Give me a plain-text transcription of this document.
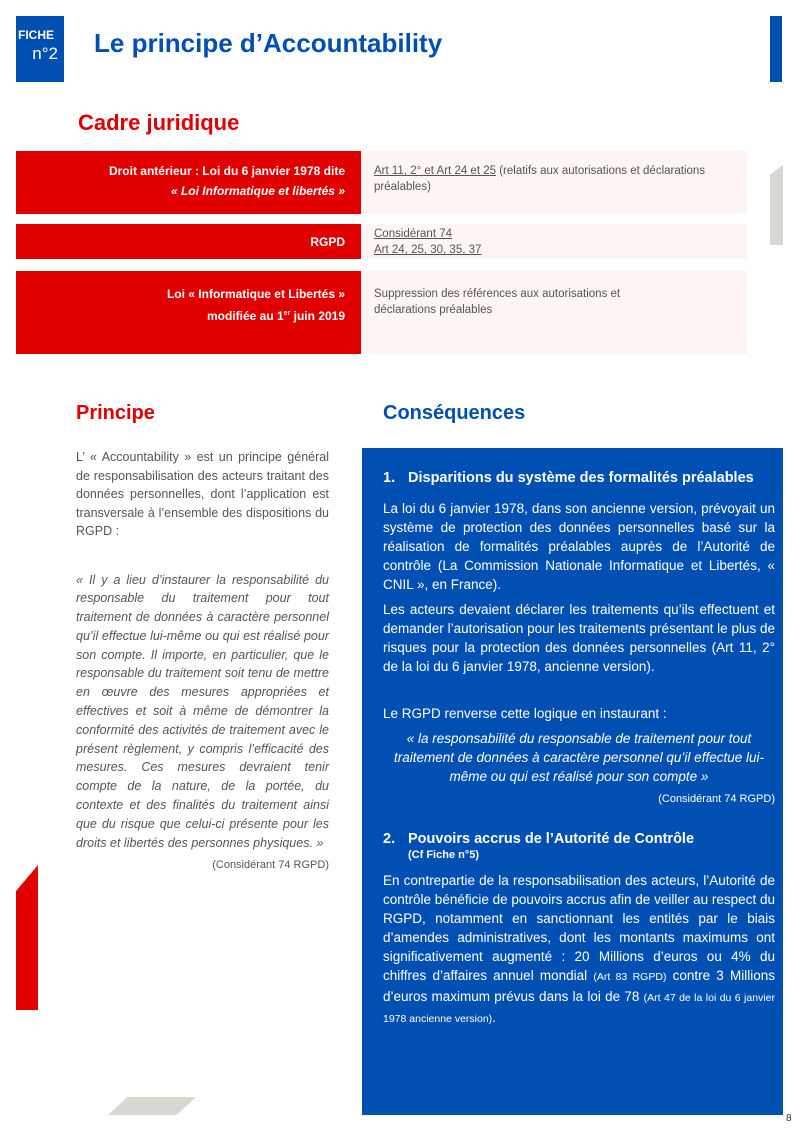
FICHE
n°2 Le principe d’Accountability
Cadre juridique
Droit antérieur : Loi du 6 janvier 1978 dite
« Loi Informatique et libertés »
Art 11, 2° et Art 24 et 25 (relatifs aux autorisations et déclarations préalables)
RGPD
Considérant 74
Art 24, 25, 30, 35, 37
Loi « Informatique et Libertés »
modifiée au 1er juin 2019
Suppression des références aux autorisations et déclarations préalables
Principe	Conséquences

L’ « Accountability » est un principe général de responsabilisation des acteurs traitant des données personnelles, dont l’application est transversale à l’ensemble des dispositions du RGPD :

« Il y a lieu d’instaurer la responsabilité du responsable du traitement pour tout traitement de données à caractère personnel qu’il effectue lui-même ou qui est réalisé pour son compte. Il importe, en particulier, que le responsable du traitement soit tenu de mettre en œuvre des mesures appropriées et effectives et soit à même de démontrer la conformité des activités de traitement avec le présent règlement, y compris l’efficacité des mesures. Ces mesures devraient tenir compte de la nature, de la portée, du contexte et des finalités du traitement ainsi que du risque que celui-ci présente pour les droits et libertés des personnes physiques. »

(Considérant 74 RGPD)

1. Disparitions du système des formalités préalables

La loi du 6 janvier 1978, dans son ancienne version, prévoyait un système de protection des données personnelles basé sur la réalisation de formalités préalables auprès de l’Autorité de contrôle (La Commission Nationale Informatique et Libertés, « CNIL », en France).

Les acteurs devaient déclarer les traitements qu’ils effectuent et demander l’autorisation pour les traitements présentant le plus de risques pour la protection des données personnelles (Art 11, 2° de la loi du 6 janvier 1978, ancienne version).

Le RGPD renverse cette logique en instaurant :

« la responsabilité du responsable de traitement pour tout traitement de données à caractère personnel qu’il effectue lui-même ou qui est réalisé pour son compte »

(Considérant 74 RGPD)

2. Pouvoirs accrus de l’Autorité de Contrôle
(Cf Fiche n°5)

En contrepartie de la responsabilisation des acteurs, l’Autorité de contrôle bénéficie de pouvoirs accrus afin de veiller au respect du RGPD, notamment en sanctionnant les entités par le biais d’amendes administratives, dont les montants maximums ont significativement augmenté : 20 Millions d’euros ou 4% du chiffres d’affaires annuel mondial (Art 83 RGPD) contre 3 Millions d’euros maximum prévus dans la loi de 78 (Art 47 de la loi du 6 janvier 1978 ancienne version).

8
